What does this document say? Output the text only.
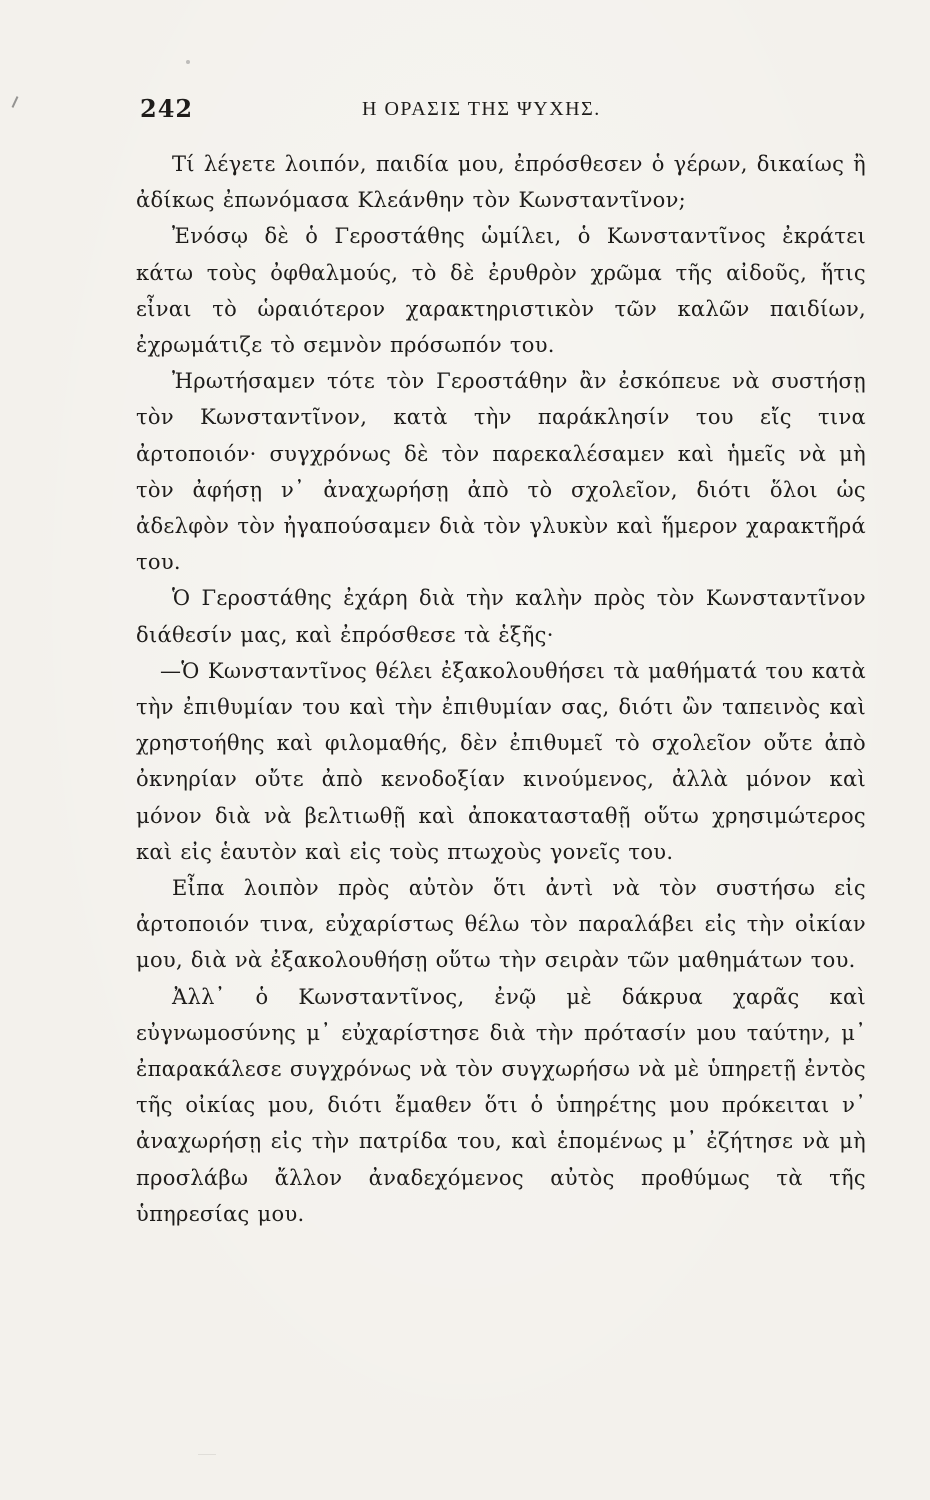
242	Η ΟΡΑΣΙΣ ΤΗΣ ΨΥΧΗΣ.

Τί λέγετε λοιπόν, παιδία μου, ἐπρόσθεσεν ὁ γέρων, δικαίως ἢ ἀδίκως ἐπωνόμασα Κλεάνθην τὸν Κωνσταντῖνον;

Ἐνόσῳ δὲ ὁ Γεροστάθης ὡμίλει, ὁ Κωνσταντῖνος ἐκράτει κάτω τοὺς ὀφθαλμούς, τὸ δὲ ἐρυθρὸν χρῶμα τῆς αἰδοῦς, ἥτις εἶναι τὸ ὡραιότερον χαρακτηριστικὸν τῶν καλῶν παιδίων, ἐχρωμάτιζε τὸ σεμνὸν πρόσωπόν του.

Ἠρωτήσαμεν τότε τὸν Γεροστάθην ἂν ἐσκόπευε νὰ συστήσῃ τὸν Κωνσταντῖνον, κατὰ τὴν παράκλησίν του εἴς τινα ἀρτοποιόν· συγχρόνως δὲ τὸν παρεκαλέσαμεν καὶ ἡμεῖς νὰ μὴ τὸν ἀφήσῃ ν᾽ ἀναχωρήσῃ ἀπὸ τὸ σχολεῖον, διότι ὅλοι ὡς ἀδελφὸν τὸν ἠγαπούσαμεν διὰ τὸν γλυκὺν καὶ ἥμερον χαρακτῆρά του.

Ὁ Γεροστάθης ἐχάρη διὰ τὴν καλὴν πρὸς τὸν Κωνσταντῖνον διάθεσίν μας, καὶ ἐπρόσθεσε τὰ ἑξῆς·

—Ὁ Κωνσταντῖνος θέλει ἐξακολουθήσει τὰ μαθήματά του κατὰ τὴν ἐπιθυμίαν του καὶ τὴν ἐπιθυμίαν σας, διότι ὢν ταπεινὸς καὶ χρηστοήθης καὶ φιλομαθής, δὲν ἐπιθυμεῖ τὸ σχολεῖον οὔτε ἀπὸ ὀκνηρίαν οὔτε ἀπὸ κενοδοξίαν κινούμενος, ἀλλὰ μόνον καὶ μόνον διὰ νὰ βελτιωθῇ καὶ ἀποκατασταθῇ οὕτω χρησιμώτερος καὶ εἰς ἑαυτὸν καὶ εἰς τοὺς πτωχοὺς γονεῖς του.

Εἶπα λοιπὸν πρὸς αὐτὸν ὅτι ἀντὶ νὰ τὸν συστήσω εἰς ἀρτοποιόν τινα, εὐχαρίστως θέλω τὸν παραλάβει εἰς τὴν οἰκίαν μου, διὰ νὰ ἐξακολουθήσῃ οὕτω τὴν σειρὰν τῶν μαθημάτων του.

Ἀλλ᾽ ὁ Κωνσταντῖνος, ἐνῷ μὲ δάκρυα χαρᾶς καὶ εὐγνωμοσύνης μ᾽ εὐχαρίστησε διὰ τὴν πρότασίν μου ταύτην, μ᾽ ἐπαρακάλεσε συγχρόνως νὰ τὸν συγχωρήσω νὰ μὲ ὑπηρετῇ ἐντὸς τῆς οἰκίας μου, διότι ἔμαθεν ὅτι ὁ ὑπηρέτης μου πρόκειται ν᾽ ἀναχωρήσῃ εἰς τὴν πατρίδα του, καὶ ἑπομένως μ᾽ ἐζήτησε νὰ μὴ προσλάβω ἄλλον ἀναδεχόμενος αὐτὸς προθύμως τὰ τῆς ὑπηρεσίας μου.
